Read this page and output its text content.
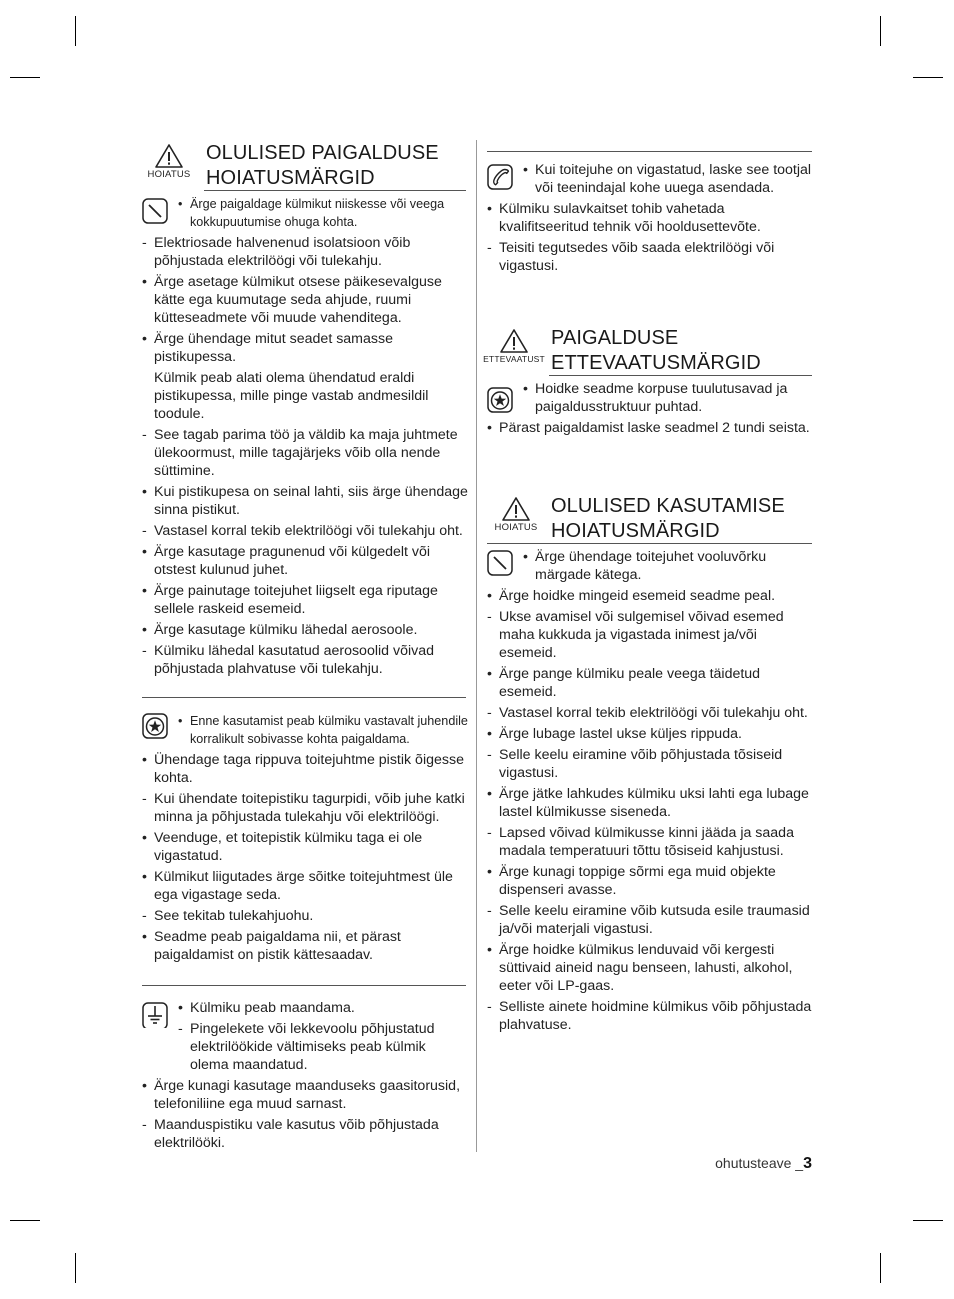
HOIATUS
OLULISED PAIGALDUSE
HOIATUSMÄRGID
• Ärge paigaldage külmikut niiskesse või veega kokkupuutumise ohuga kohta.
- Elektriosade halvenenud isolatsioon võib põhjustada elektrilöögi või tulekahju.
• Ärge asetage külmikut otsese päikesevalguse kätte ega kuumutage seda ahjude, ruumi kütteseadmete või muude vahenditega.
• Ärge ühendage mitut seadet samasse pistikupessa.
Külmik peab alati olema ühendatud eraldi pistikupessa, mille pinge vastab andmesildil toodule.
- See tagab parima töö ja väldib ka maja juhtmete ülekoormust, mille tagajärjeks võib olla nende süttimine.
• Kui pistikupesa on seinal lahti, siis ärge ühendage sinna pistikut.
- Vastasel korral tekib elektrilöögi või tulekahju oht.
• Ärge kasutage pragunenud või külgedelt või otstest kulunud juhet.
• Ärge painutage toitejuhet liigselt ega riputage sellele raskeid esemeid.
• Ärge kasutage külmiku lähedal aerosoole.
- Külmiku lähedal kasutatud aerosoolid võivad põhjustada plahvatuse või tulekahju.
• Enne kasutamist peab külmiku vastavalt juhendile korralikult sobivasse kohta paigaldama.
• Ühendage taga rippuva toitejuhtme pistik õigesse kohta.
- Kui ühendate toitepistiku tagurpidi, võib juhe katki minna ja põhjustada tulekahju või elektrilöögi.
• Veenduge, et toitepistik külmiku taga ei ole vigastatud.
• Külmikut liigutades ärge sõitke toitejuhtmest üle ega vigastage seda.
- See tekitab tulekahjuohu.
• Seadme peab paigaldama nii, et pärast paigaldamist on pistik kättesaadav.
• Külmiku peab maandama.
- Pingelekete või lekkevoolu põhjustatud elektrilöökide vältimiseks peab külmik olema maandatud.
• Ärge kunagi kasutage maanduseks gaasitorusid, telefoniliine ega muud sarnast.
- Maanduspistiku vale kasutus võib põhjustada elektrilööki.
• Kui toitejuhe on vigastatud, laske see tootjal või teenindajal kohe uuega asendada.
• Külmiku sulavkaitset tohib vahetada kvalifitseeritud tehnik või hooldusettevõte.
- Teisiti tegutsedes võib saada elektrilöögi või vigastusi.
ETTEVAATUST
PAIGALDUSE
ETTEVAATUSMÄRGID
• Hoidke seadme korpuse tuulutusavad ja paigaldusstruktuur puhtad.
• Pärast paigaldamist laske seadmel 2 tundi seista.
HOIATUS
OLULISED KASUTAMISE
HOIATUSMÄRGID
• Ärge ühendage toitejuhet vooluvõrku märgade kätega.
• Ärge hoidke mingeid esemeid seadme peal.
- Ukse avamisel või sulgemisel võivad esemed maha kukkuda ja vigastada inimest ja/või esemeid.
• Ärge pange külmiku peale veega täidetud esemeid.
- Vastasel korral tekib elektrilöögi või tulekahju oht.
• Ärge lubage lastel ukse küljes rippuda.
- Selle keelu eiramine võib põhjustada tõsiseid vigastusi.
• Ärge jätke lahkudes külmiku uksi lahti ega lubage lastel külmikusse siseneda.
- Lapsed võivad külmikusse kinni jääda ja saada madala temperatuuri tõttu tõsiseid kahjustusi.
• Ärge kunagi toppige sõrmi ega muid objekte dispenseri avasse.
- Selle keelu eiramine võib kutsuda esile traumasid ja/või materjali vigastusi.
• Ärge hoidke külmikus lenduvaid või kergesti süttivaid aineid nagu benseen, lahusti, alkohol, eeter või LP-gaas.
- Selliste ainete hoidmine külmikus võib põhjustada plahvatuse.
ohutusteave _3
